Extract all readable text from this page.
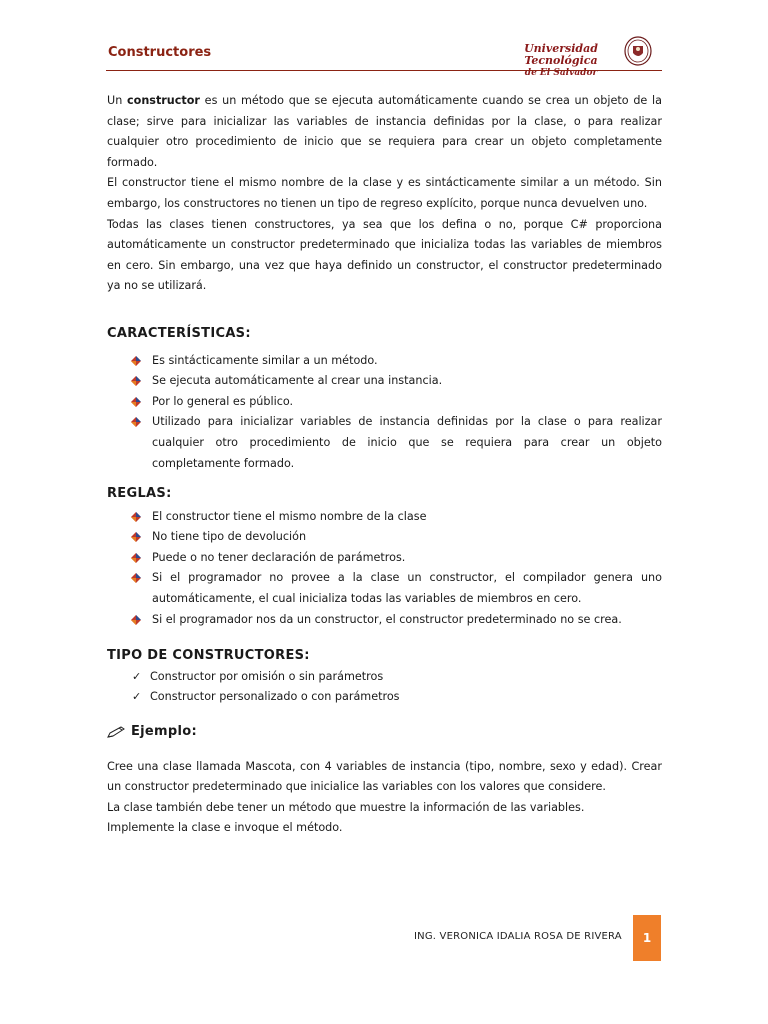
Constructores	Universidad Tecnológica
de El Salvador

Un constructor es un método que se ejecuta automáticamente cuando se crea un objeto de la clase; sirve para inicializar las variables de instancia definidas por la clase, o para realizar cualquier otro procedimiento de inicio que se requiera para crear un objeto completamente formado.

El constructor tiene el mismo nombre de la clase y es sintácticamente similar a un método. Sin embargo, los constructores no tienen un tipo de regreso explícito, porque nunca devuelven uno.

Todas las clases tienen constructores, ya sea que los defina o no, porque C# proporciona automáticamente un constructor predeterminado que inicializa todas las variables de miembros en cero. Sin embargo, una vez que haya definido un constructor, el constructor predeterminado ya no se utilizará.

CARACTERÍSTICAS:

Es sintácticamente similar a un método.
Se ejecuta automáticamente al crear una instancia.
Por lo general es público.
Utilizado para inicializar variables de instancia definidas por la clase o para realizar cualquier otro procedimiento de inicio que se requiera para crear un objeto completamente formado.

REGLAS:

El constructor tiene el mismo nombre de la clase
No tiene tipo de devolución
Puede o no tener declaración de parámetros.
Si el programador no provee a la clase un constructor, el compilador genera uno automáticamente, el cual inicializa todas las variables de miembros en cero.
Si el programador nos da un constructor, el constructor predeterminado no se crea.

TIPO DE CONSTRUCTORES:

✓ Constructor por omisión o sin parámetros
✓ Constructor personalizado o con parámetros
Ejemplo:

Cree una clase llamada Mascota, con 4 variables de instancia (tipo, nombre, sexo y edad). Crear un constructor predeterminado que inicialice las variables con los valores que considere.

La clase también debe tener un método que muestre la información de las variables.

Implemente la clase e invoque el método.

ING. VERONICA IDALIA ROSA DE RIVERA	1
